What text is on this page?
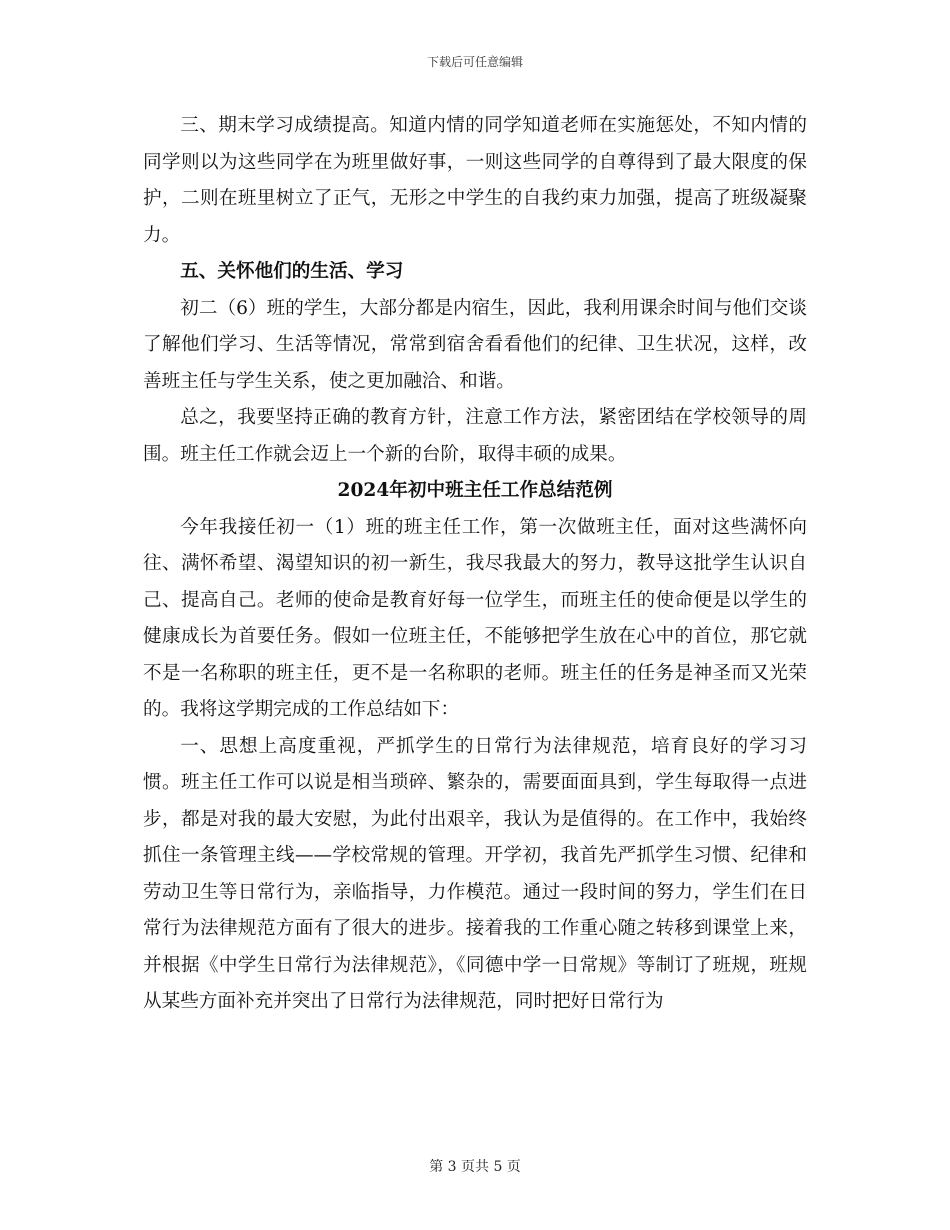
下载后可任意编辑

三、期末学习成绩提高。知道内情的同学知道老师在实施惩处，不知内情的同学则以为这些同学在为班里做好事，一则这些同学的自尊得到了最大限度的保护，二则在班里树立了正气，无形之中学生的自我约束力加强，提高了班级凝聚力。

五、关怀他们的生活、学习

初二（6）班的学生，大部分都是内宿生，因此，我利用课余时间与他们交谈了解他们学习、生活等情况，常常到宿舍看看他们的纪律、卫生状况，这样，改善班主任与学生关系，使之更加融洽、和谐。

总之，我要坚持正确的教育方针，注意工作方法，紧密团结在学校领导的周围。班主任工作就会迈上一个新的台阶，取得丰硕的成果。

2024年初中班主任工作总结范例

今年我接任初一（1）班的班主任工作，第一次做班主任，面对这些满怀向往、满怀希望、渴望知识的初一新生，我尽我最大的努力，教导这批学生认识自己、提高自己。老师的使命是教育好每一位学生，而班主任的使命便是以学生的健康成长为首要任务。假如一位班主任，不能够把学生放在心中的首位，那它就不是一名称职的班主任，更不是一名称职的老师。班主任的任务是神圣而又光荣的。我将这学期完成的工作总结如下：

一、思想上高度重视，严抓学生的日常行为法律规范，培育良好的学习习惯。班主任工作可以说是相当琐碎、繁杂的，需要面面具到，学生每取得一点进步，都是对我的最大安慰，为此付出艰辛，我认为是值得的。在工作中，我始终抓住一条管理主线——学校常规的管理。开学初，我首先严抓学生习惯、纪律和劳动卫生等日常行为，亲临指导，力作模范。通过一段时间的努力，学生们在日常行为法律规范方面有了很大的进步。接着我的工作重心随之转移到课堂上来，并根据《中学生日常行为法律规范》，《同德中学一日常规》等制订了班规，班规从某些方面补充并突出了日常行为法律规范，同时把好日常行为

第 3 页共 5 页
